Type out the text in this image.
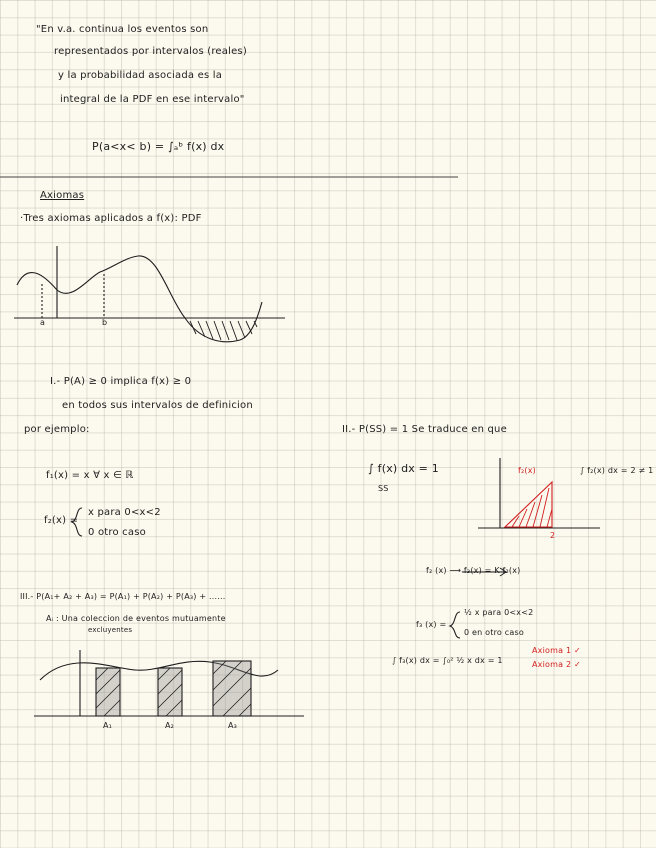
"En v.a. continua los eventos son
representados por intervalos (reales)
y la probabilidad asociada es la
integral de la PDF en ese intervalo"
P(a<x< b) = ∫ₐᵇ f(x) dx
Axiomas
·Tres axiomas aplicados a f(x): PDF
a	b
I.- P(A) ≥ 0 implica f(x) ≥ 0
en todos sus intervalos de definicion
por ejemplo:
f₁(x) = x ∀ x ∈ ℝ
f₂(x) =
x para 0<x<2
0 otro caso
II.- P(SS) = 1 Se traduce en que
∫ f(x) dx = 1
SS
f₂(x)
2
∫ f₂(x) dx = 2 ≠ 1
f₂ (x) ⟶ f₃(x) = K f₂(x)
f₃ (x) =
½ x para 0<x<2
0 en otro caso
∫ f₃(x) dx = ∫₀² ½ x dx = 1
Axioma 1 ✓
Axioma 2 ✓
III.- P(A₁+ A₂ + A₃) = P(A₁) + P(A₂) + P(A₃) + ......
Aᵢ : Una coleccion de eventos mutuamente
excluyentes
A₁	A₂	A₃
